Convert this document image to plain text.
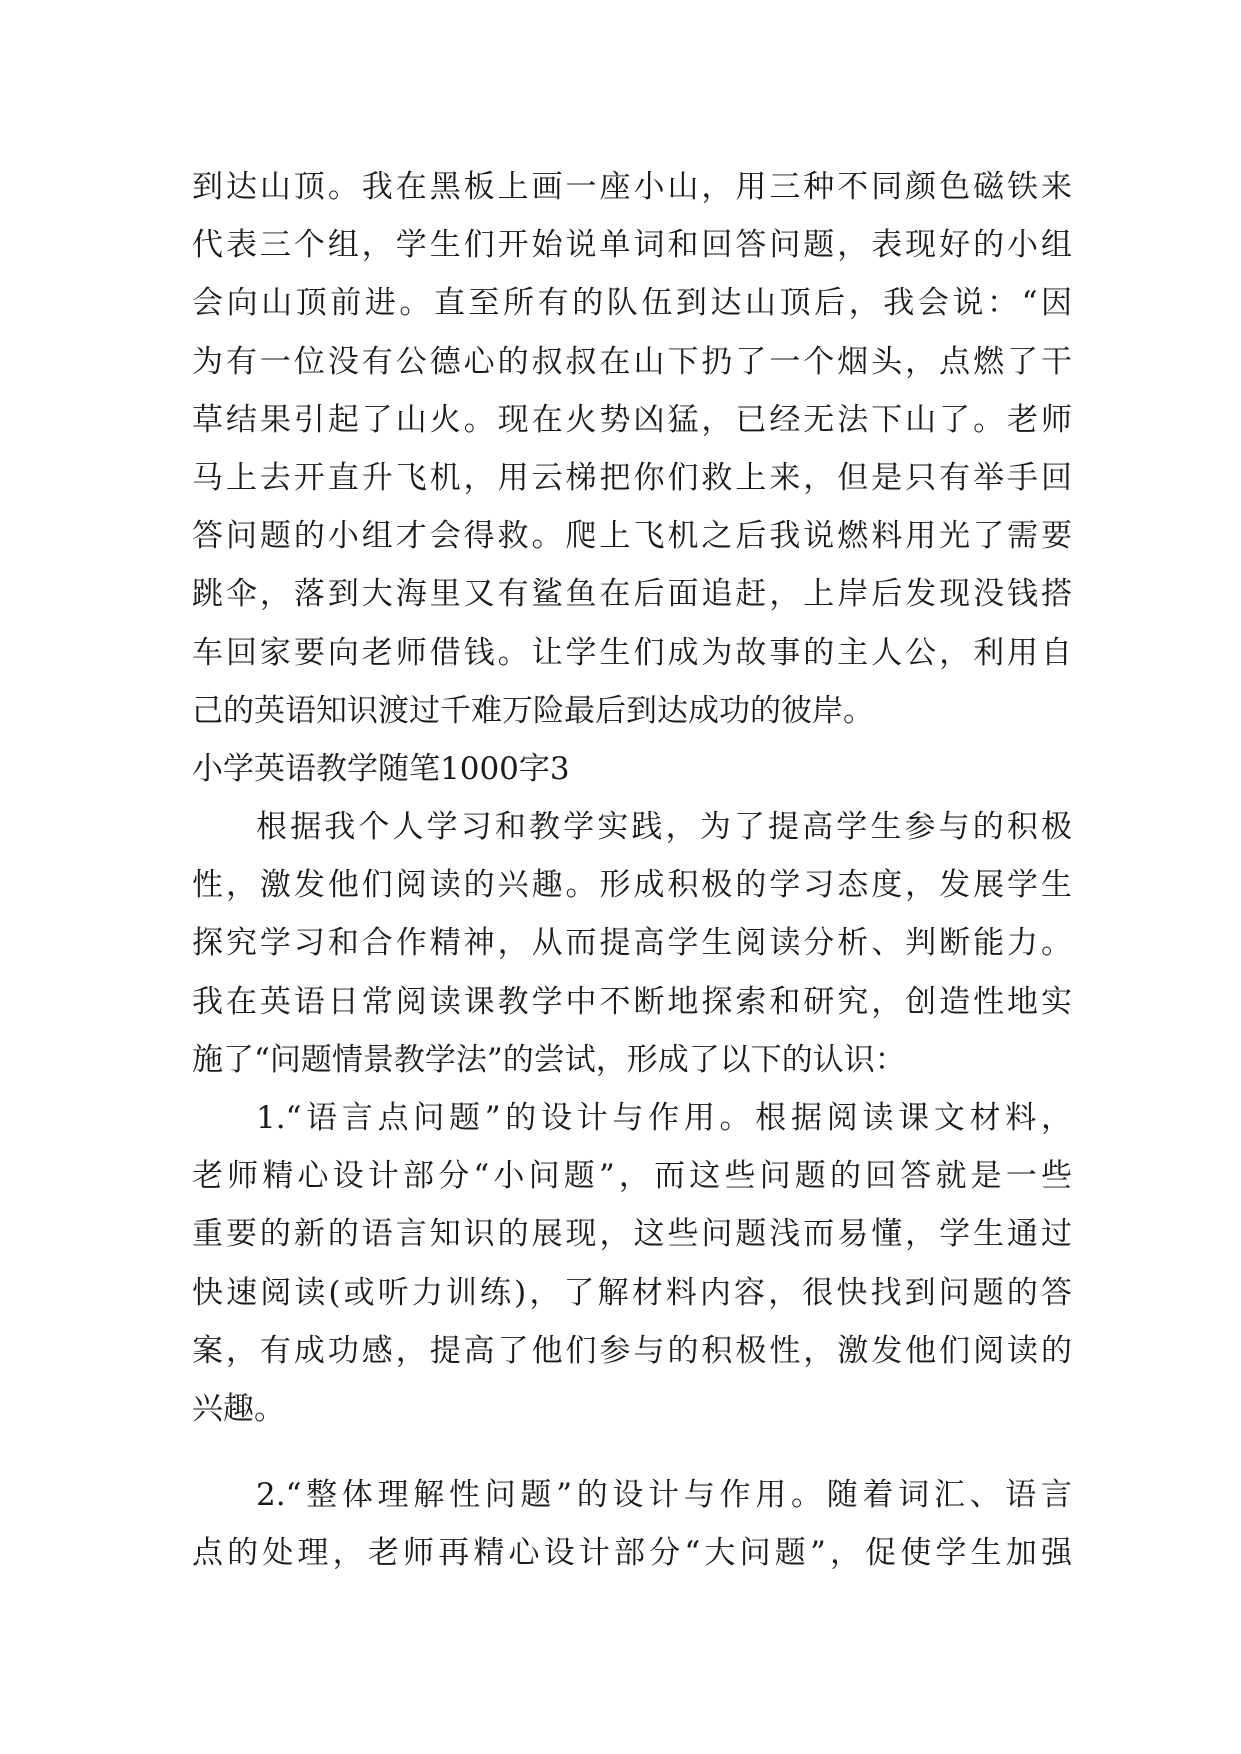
到达山顶。我在黑板上画一座小山，用三种不同颜色磁铁来
代表三个组，学生们开始说单词和回答问题，表现好的小组
会向山顶前进。直至所有的队伍到达山顶后，我会说：“因
为有一位没有公德心的叔叔在山下扔了一个烟头，点燃了干
草结果引起了山火。现在火势凶猛，已经无法下山了。老师
马上去开直升飞机，用云梯把你们救上来，但是只有举手回
答问题的小组才会得救。爬上飞机之后我说燃料用光了需要
跳伞，落到大海里又有鲨鱼在后面追赶，上岸后发现没钱搭
车回家要向老师借钱。让学生们成为故事的主人公，利用自
己的英语知识渡过千难万险最后到达成功的彼岸。
小学英语教学随笔1000字3
根据我个人学习和教学实践，为了提高学生参与的积极
性，激发他们阅读的兴趣。形成积极的学习态度，发展学生
探究学习和合作精神，从而提高学生阅读分析、判断能力。
我在英语日常阅读课教学中不断地探索和研究，创造性地实
施了“问题情景教学法”的尝试，形成了以下的认识：
1.“语言点问题”的设计与作用。根据阅读课文材料，
老师精心设计部分“小问题”，而这些问题的回答就是一些
重要的新的语言知识的展现，这些问题浅而易懂，学生通过
快速阅读(或听力训练)，了解材料内容，很快找到问题的答
案，有成功感，提高了他们参与的积极性，激发他们阅读的
兴趣。
2.“整体理解性问题”的设计与作用。随着词汇、语言
点的处理，老师再精心设计部分“大问题”，促使学生加强
